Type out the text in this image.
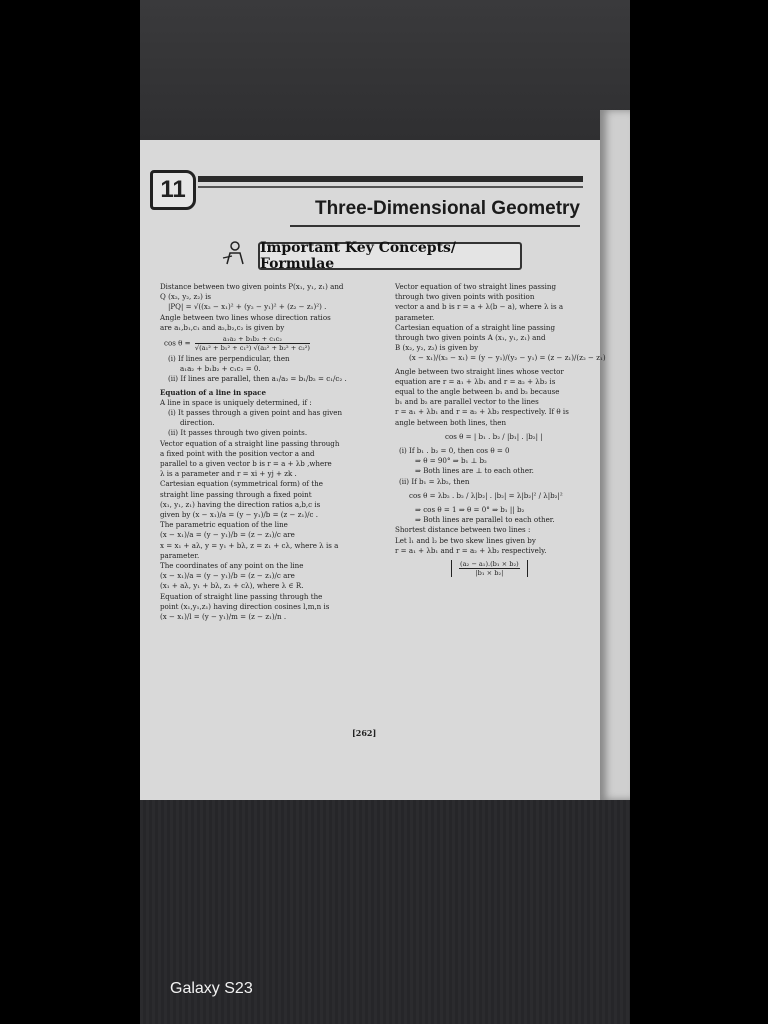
11
Three-Dimensional Geometry
Important Key Concepts/ Formulae
Distance between two given points P(x₁, y₁, z₁) and
Q (x₂, y₂, z₂) is
|PQ| = √((x₂ − x₁)² + (y₂ − y₁)² + (z₂ − z₁)²) .
Angle between two lines whose direction ratios
are a₁,b₁,c₁ and a₂,b₂,c₂ is given by
$\cos \theta = \frac{\text{a₁a₂ + b₁b₂ + c₁c₂}}{\text{√(a₁² + b₁² + c₁²) √(a₂² + b₂² + c₂²)}}$
(i) If lines are perpendicular, then
a₁a₂ + b₁b₂ + c₁c₂ = 0.
(ii) If lines are parallel, then a₁/a₂ = b₁/b₂ = c₁/c₂ .
Equation of a line in space
A line in space is uniquely determined, if :
(i) It passes through a given point and has given
direction.
(ii) It passes through two given points.
Vector equation of a straight line passing through
a fixed point with the position vector a and
parallel to a given vector b is r = a + λb ,where
λ is a parameter and r = xi + yj + zk .
Cartesian equation (symmetrical form) of the
straight line passing through a fixed point
(x₁, y₁, z₁) having the direction ratios a,b,c is
given by (x − x₁)/a = (y − y₁)/b = (z − z₁)/c .
The parametric equation of the line
(x − x₁)/a = (y − y₁)/b = (z − z₁)/c are
x = x₁ + aλ, y = y₁ + bλ, z = z₁ + cλ, where λ is a
parameter.
The coordinates of any point on the line
(x − x₁)/a = (y − y₁)/b = (z − z₁)/c are
(x₁ + aλ, y₁ + bλ, z₁ + cλ), where λ ∈ R.
Equation of straight line passing through the
point (x₁,y₁,z₁) having direction cosines l,m,n is
(x − x₁)/l = (y − y₁)/m = (z − z₁)/n .
Vector equation of two straight lines passing
through two given points with position
vector a and b is r = a + λ(b − a), where λ is a
parameter.
Cartesian equation of a straight line passing
through two given points A (x₁, y₁, z₁) and
B (x₂, y₂, z₂) is given by
(x − x₁)/(x₂ − x₁) = (y − y₁)/(y₂ − y₁) = (z − z₁)/(z₂ − z₁)
Angle between two straight lines whose vector
equation are r = a₁ + λb₁ and r = a₂ + λb₂ is
equal to the angle between b₁ and b₂ because
b₁ and b₂ are parallel vector to the lines
r = a₁ + λb₁ and r = a₂ + λb₂ respectively. If θ is
angle between both lines, then
cos θ = | b₁ . b₂ / |b₁| . |b₂| |
(i) If b₁ . b₂ = 0, then cos θ = 0
⇒ θ = 90° ⇒ b₁ ⊥ b₂
⇒ Both lines are ⊥ to each other.
(ii) If b₁ = λb₂, then
cos θ = λb₂ . b₂ / λ|b₂| . |b₂| = λ|b₂|² / λ|b₂|²
⇒ cos θ = 1 ⇒ θ = 0° ⇒ b₁ || b₂
⇒ Both lines are parallel to each other.
Shortest distance between two lines :
Let l₁ and l₂ be two skew lines given by
r = a₁ + λb₁ and r = a₂ + λb₂ respectively.
$\frac{\text{(a₂ − a₁).(b₁ × b₂)}}{\text{|b₁ × b₂|}}$
[262]
Galaxy S23
